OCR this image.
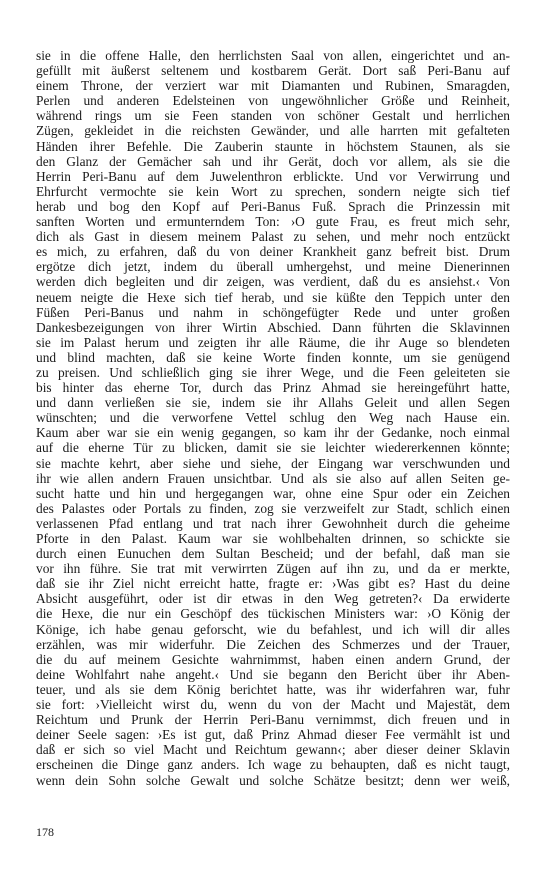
sie in die offene Halle, den herrlichsten Saal von allen, eingerichtet und an-
gefüllt mit äußerst seltenem und kostbarem Gerät. Dort saß Peri-Banu auf
einem Throne, der verziert war mit Diamanten und Rubinen, Smaragden,
Perlen und anderen Edelsteinen von ungewöhnlicher Größe und Reinheit,
während rings um sie Feen standen von schöner Gestalt und herrlichen
Zügen, gekleidet in die reichsten Gewänder, und alle harrten mit gefalteten
Händen ihrer Befehle. Die Zauberin staunte in höchstem Staunen, als sie
den Glanz der Gemächer sah und ihr Gerät, doch vor allem, als sie die
Herrin Peri-Banu auf dem Juwelenthron erblickte. Und vor Verwirrung und
Ehrfurcht vermochte sie kein Wort zu sprechen, sondern neigte sich tief
herab und bog den Kopf auf Peri-Banus Fuß. Sprach die Prinzessin mit
sanften Worten und ermunterndem Ton: ›O gute Frau, es freut mich sehr,
dich als Gast in diesem meinem Palast zu sehen, und mehr noch entzückt
es mich, zu erfahren, daß du von deiner Krankheit ganz befreit bist. Drum
ergötze dich jetzt, indem du überall umhergehst, und meine Dienerinnen
werden dich begleiten und dir zeigen, was verdient, daß du es ansiehst.‹ Von
neuem neigte die Hexe sich tief herab, und sie küßte den Teppich unter den
Füßen Peri-Banus und nahm in schöngefügter Rede und unter großen
Dankesbezeigungen von ihrer Wirtin Abschied. Dann führten die Sklavinnen
sie im Palast herum und zeigten ihr alle Räume, die ihr Auge so blendeten
und blind machten, daß sie keine Worte finden konnte, um sie genügend
zu preisen. Und schließlich ging sie ihrer Wege, und die Feen geleiteten sie
bis hinter das eherne Tor, durch das Prinz Ahmad sie hereingeführt hatte,
und dann verließen sie sie, indem sie ihr Allahs Geleit und allen Segen
wünschten; und die verworfene Vettel schlug den Weg nach Hause ein.
Kaum aber war sie ein wenig gegangen, so kam ihr der Gedanke, noch einmal
auf die eherne Tür zu blicken, damit sie sie leichter wiedererkennen könnte;
sie machte kehrt, aber siehe und siehe, der Eingang war verschwunden und
ihr wie allen andern Frauen unsichtbar. Und als sie also auf allen Seiten ge-
sucht hatte und hin und hergegangen war, ohne eine Spur oder ein Zeichen
des Palastes oder Portals zu finden, zog sie verzweifelt zur Stadt, schlich einen
verlassenen Pfad entlang und trat nach ihrer Gewohnheit durch die geheime
Pforte in den Palast. Kaum war sie wohlbehalten drinnen, so schickte sie
durch einen Eunuchen dem Sultan Bescheid; und der befahl, daß man sie
vor ihn führe. Sie trat mit verwirrten Zügen auf ihn zu, und da er merkte,
daß sie ihr Ziel nicht erreicht hatte, fragte er: ›Was gibt es? Hast du deine
Absicht ausgeführt, oder ist dir etwas in den Weg getreten?‹ Da erwiderte
die Hexe, die nur ein Geschöpf des tückischen Ministers war: ›O König der
Könige, ich habe genau geforscht, wie du befahlest, und ich will dir alles
erzählen, was mir widerfuhr. Die Zeichen des Schmerzes und der Trauer,
die du auf meinem Gesichte wahrnimmst, haben einen andern Grund, der
deine Wohlfahrt nahe angeht.‹ Und sie begann den Bericht über ihr Aben-
teuer, und als sie dem König berichtet hatte, was ihr widerfahren war, fuhr
sie fort: ›Vielleicht wirst du, wenn du von der Macht und Majestät, dem
Reichtum und Prunk der Herrin Peri-Banu vernimmst, dich freuen und in
deiner Seele sagen: ›Es ist gut, daß Prinz Ahmad dieser Fee vermählt ist und
daß er sich so viel Macht und Reichtum gewann‹; aber dieser deiner Sklavin
erscheinen die Dinge ganz anders. Ich wage zu behaupten, daß es nicht taugt,
wenn dein Sohn solche Gewalt und solche Schätze besitzt; denn wer weiß,
178
